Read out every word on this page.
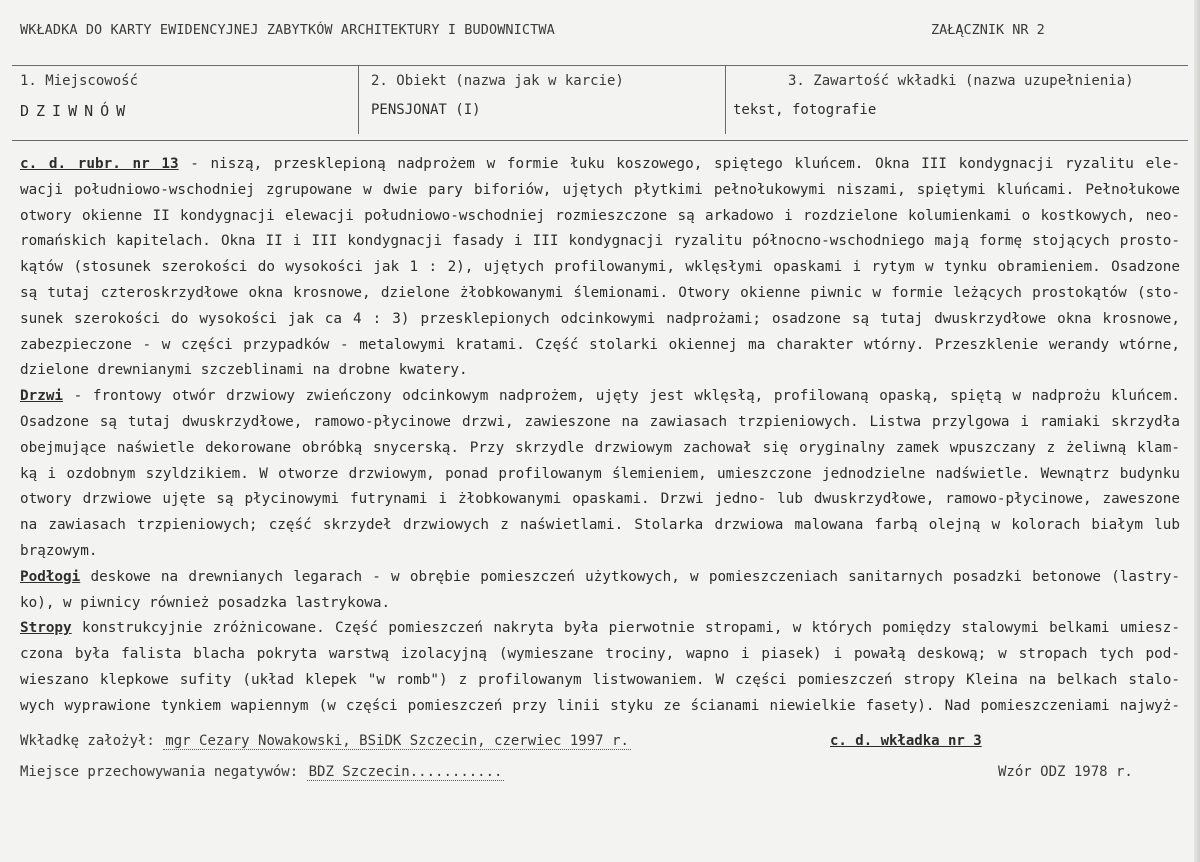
WKŁADKA DO KARTY EWIDENCYJNEJ ZABYTKÓW ARCHITEKTURY I BUDOWNICTWA	ZAŁĄCZNIK NR 2
1. Miejscowość
DZIWNÓW
2. Obiekt (nazwa jak w karcie)
PENSJONAT (I)
3. Zawartość wkładki (nazwa uzupełnienia)
tekst, fotografie
c. d. rubr. nr 13 - niszą, przesklepioną nadprożem w formie łuku koszowego, spiętego kluńcem. Okna III kondygnacji ryzalitu ele-
wacji południowo-wschodniej zgrupowane w dwie pary biforiów, ujętych płytkimi pełnołukowymi niszami, spiętymi kluńcami. Pełnołukowe
otwory okienne II kondygnacji elewacji południowo-wschodniej rozmieszczone są arkadowo i rozdzielone kolumienkami o kostkowych, neo-
romańskich kapitelach. Okna II i III kondygnacji fasady i III kondygnacji ryzalitu północno-wschodniego mają formę stojących prosto-
kątów (stosunek szerokości do wysokości jak 1 : 2), ujętych profilowanymi, wklęsłymi opaskami i rytym w tynku obramieniem. Osadzone
są tutaj czteroskrzydłowe okna krosnowe, dzielone żłobkowanymi ślemionami. Otwory okienne piwnic w formie leżących prostokątów (sto-
sunek szerokości do wysokości jak ca 4 : 3) przesklepionych odcinkowymi nadprożami; osadzone są tutaj dwuskrzydłowe okna krosnowe,
zabezpieczone - w części przypadków - metalowymi kratami. Część stolarki okiennej ma charakter wtórny. Przeszklenie werandy wtórne,
dzielone drewnianymi szczeblinami na drobne kwatery.
Drzwi - frontowy otwór drzwiowy zwieńczony odcinkowym nadprożem, ujęty jest wklęsłą, profilowaną opaską, spiętą w nadprożu kluńcem.
Osadzone są tutaj dwuskrzydłowe, ramowo-płycinowe drzwi, zawieszone na zawiasach trzpieniowych. Listwa przylgowa i ramiaki skrzydła
obejmujące naświetle dekorowane obróbką snycerską. Przy skrzydle drzwiowym zachował się oryginalny zamek wpuszczany z żeliwną klam-
ką i ozdobnym szyldzikiem. W otworze drzwiowym, ponad profilowanym ślemieniem, umieszczone jednodzielne nadświetle. Wewnątrz budynku
otwory drzwiowe ujęte są płycinowymi futrynami i żłobkowanymi opaskami. Drzwi jedno- lub dwuskrzydłowe, ramowo-płycinowe, zaweszone
na zawiasach trzpieniowych; część skrzydeł drzwiowych z naświetlami. Stolarka drzwiowa malowana farbą olejną w kolorach białym lub
brązowym.
Podłogi deskowe na drewnianych legarach - w obrębie pomieszczeń użytkowych, w pomieszczeniach sanitarnych posadzki betonowe (lastry-
ko), w piwnicy również posadzka lastrykowa.
Stropy konstrukcyjnie zróżnicowane. Część pomieszczeń nakryta była pierwotnie stropami, w których pomiędzy stalowymi belkami umiesz-
czona była falista blacha pokryta warstwą izolacyjną (wymieszane trociny, wapno i piasek) i powałą deskową; w stropach tych pod-
wieszano klepkowe sufity (układ klepek "w romb") z profilowanym listwowaniem. W części pomieszczeń stropy Kleina na belkach stalo-
wych wyprawione tynkiem wapiennym (w części pomieszczeń przy linii styku ze ścianami niewielkie fasety). Nad pomieszczeniami najwyż-
Wkładkę założył: mgr Cezary Nowakowski, BSiDK Szczecin, czerwiec 1997 r.	c. d. wkładka nr 3
Miejsce przechowywania negatywów: BDZ Szczecin...........	Wzór ODZ 1978 r.
